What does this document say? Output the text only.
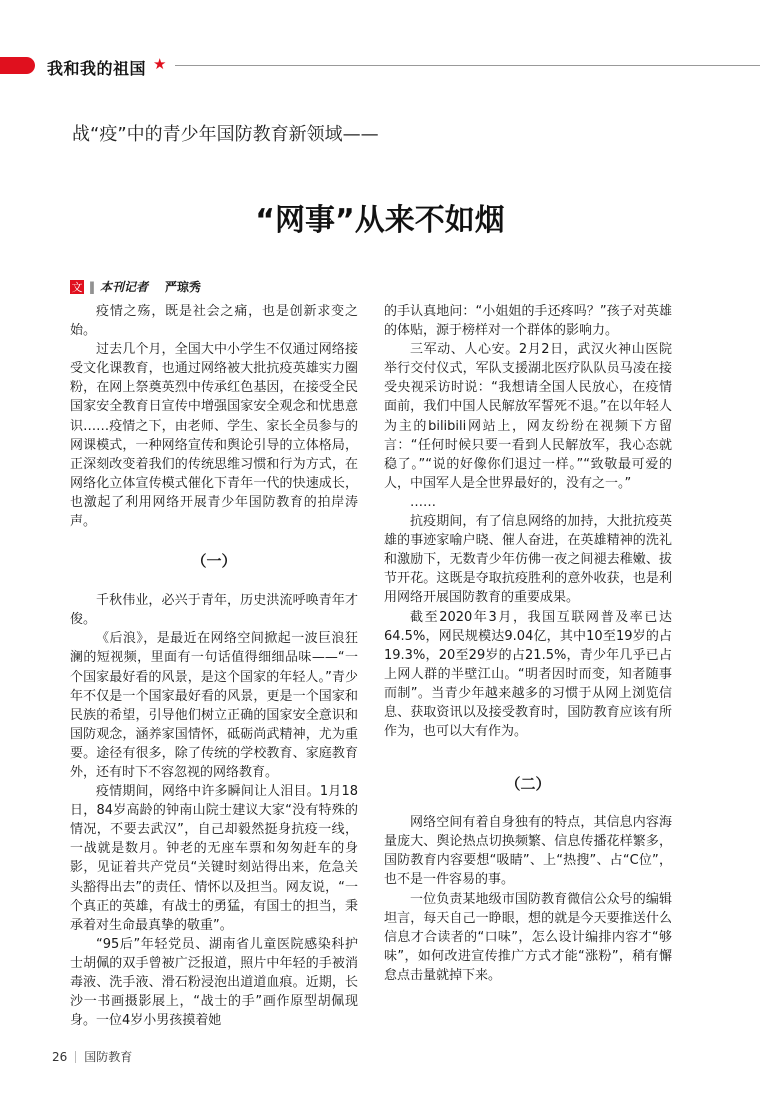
我和我的祖国 ★
战“疫”中的青少年国防教育新领域——
“网事”从来不如烟
文 ‖ 本刊记者 严琼秀

疫情之殇，既是社会之痛，也是创新求变之始。

过去几个月，全国大中小学生不仅通过网络接受文化课教育，也通过网络被大批抗疫英雄实力圈粉，在网上祭奠英烈中传承红色基因，在接受全民国家安全教育日宣传中增强国家安全观念和忧患意识……疫情之下，由老师、学生、家长全员参与的网课模式，一种网络宣传和舆论引导的立体格局，正深刻改变着我们的传统思维习惯和行为方式，在网络化立体宣传模式催化下青年一代的快速成长，也激起了利用网络开展青少年国防教育的拍岸涛声。

（一）

千秋伟业，必兴于青年，历史洪流呼唤青年才俊。

《后浪》，是最近在网络空间掀起一波巨浪狂澜的短视频，里面有一句话值得细细品味——“一个国家最好看的风景，是这个国家的年轻人。”青少年不仅是一个国家最好看的风景，更是一个国家和民族的希望，引导他们树立正确的国家安全意识和国防观念，涵养家国情怀，砥砺尚武精神，尤为重要。途径有很多，除了传统的学校教育、家庭教育外，还有时下不容忽视的网络教育。

疫情期间，网络中许多瞬间让人泪目。1月18日，84岁高龄的钟南山院士建议大家“没有特殊的情况，不要去武汉”，自己却毅然挺身抗疫一线，一战就是数月。钟老的无座车票和匆匆赶车的身影，见证着共产党员“关键时刻站得出来，危急关头豁得出去”的责任、情怀以及担当。网友说，“一个真正的英雄，有战士的勇猛，有国士的担当，秉承着对生命最真挚的敬重”。

“95后”年轻党员、湖南省儿童医院感染科护士胡佩的双手曾被广泛报道，照片中年轻的手被消毒液、洗手液、滑石粉浸泡出道道血痕。近期，长沙一书画摄影展上，“战士的手”画作原型胡佩现身。一位4岁小男孩摸着她

的手认真地问：“小姐姐的手还疼吗？”孩子对英雄的体贴，源于榜样对一个群体的影响力。

三军动、人心安。2月2日，武汉火神山医院举行交付仪式，军队支援湖北医疗队队员马凌在接受央视采访时说：“我想请全国人民放心，在疫情面前，我们中国人民解放军誓死不退。”在以年轻人为主的bilibili网站上，网友纷纷在视频下方留言：“任何时候只要一看到人民解放军，我心态就稳了。”“说的好像你们退过一样。”“致敬最可爱的人，中国军人是全世界最好的，没有之一。”

……

抗疫期间，有了信息网络的加持，大批抗疫英雄的事迹家喻户晓、催人奋进，在英雄精神的洗礼和激励下，无数青少年仿佛一夜之间褪去稚嫩、拔节开花。这既是夺取抗疫胜利的意外收获，也是利用网络开展国防教育的重要成果。

截至2020年3月，我国互联网普及率已达64.5%，网民规模达9.04亿，其中10至19岁的占19.3%，20至29岁的占21.5%，青少年几乎已占上网人群的半壁江山。“明者因时而变，知者随事而制”。当青少年越来越多的习惯于从网上浏览信息、获取资讯以及接受教育时，国防教育应该有所作为，也可以大有作为。

（二）

网络空间有着自身独有的特点，其信息内容海量庞大、舆论热点切换频繁、信息传播花样繁多，国防教育内容要想“吸睛”、上“热搜”、占“C位”，也不是一件容易的事。

一位负责某地级市国防教育微信公众号的编辑坦言，每天自己一睁眼，想的就是今天要推送什么信息才合读者的“口味”，怎么设计编排内容才“够味”，如何改进宣传推广方式才能“涨粉”，稍有懈怠点击量就掉下来。

26 国防教育
